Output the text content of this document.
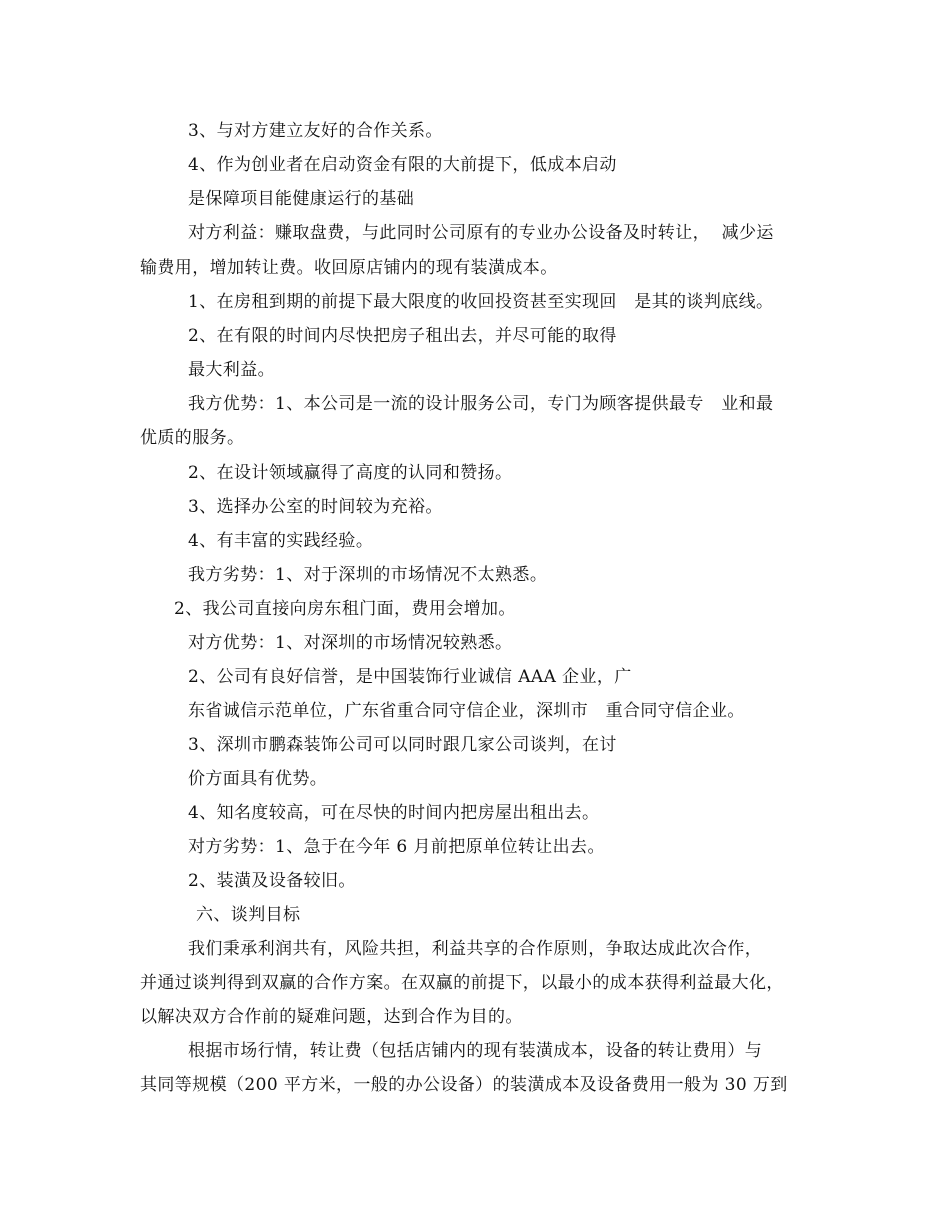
3、与对方建立友好的合作关系。
4、作为创业者在启动资金有限的大前提下，低成本启动
是保障项目能健康运行的基础
对方利益：赚取盘费，与此同时公司原有的专业办公设备及时转让，  减少运
输费用，增加转让费。收回原店铺内的现有装潢成本。
1、在房租到期的前提下最大限度的收回投资甚至实现回   是其的谈判底线。
2、在有限的时间内尽快把房子租出去，并尽可能的取得
最大利益。
我方优势：1、本公司是一流的设计服务公司，专门为顾客提供最专   业和最
优质的服务。
2、在设计领域赢得了高度的认同和赞扬。
3、选择办公室的时间较为充裕。
4、有丰富的实践经验。
我方劣势：1、对于深圳的市场情况不太熟悉。
2、我公司直接向房东租门面，费用会增加。
对方优势：1、对深圳的市场情况较熟悉。
2、公司有良好信誉，是中国装饰行业诚信 AAA 企业，广
东省诚信示范单位，广东省重合同守信企业，深圳市   重合同守信企业。
3、深圳市鹏森装饰公司可以同时跟几家公司谈判，在讨
价方面具有优势。
4、知名度较高，可在尽快的时间内把房屋出租出去。
对方劣势：1、急于在今年 6 月前把原单位转让出去。
2、装潢及设备较旧。
六、谈判目标
我们秉承利润共有，风险共担，利益共享的合作原则，争取达成此次合作，
并通过谈判得到双赢的合作方案。在双赢的前提下，以最小的成本获得利益最大化，
以解决双方合作前的疑难问题，达到合作为目的。
根据市场行情，转让费（包括店铺内的现有装潢成本，设备的转让费用）与
其同等规模（200 平方米，一般的办公设备）的装潢成本及设备费用一般为 30 万到
